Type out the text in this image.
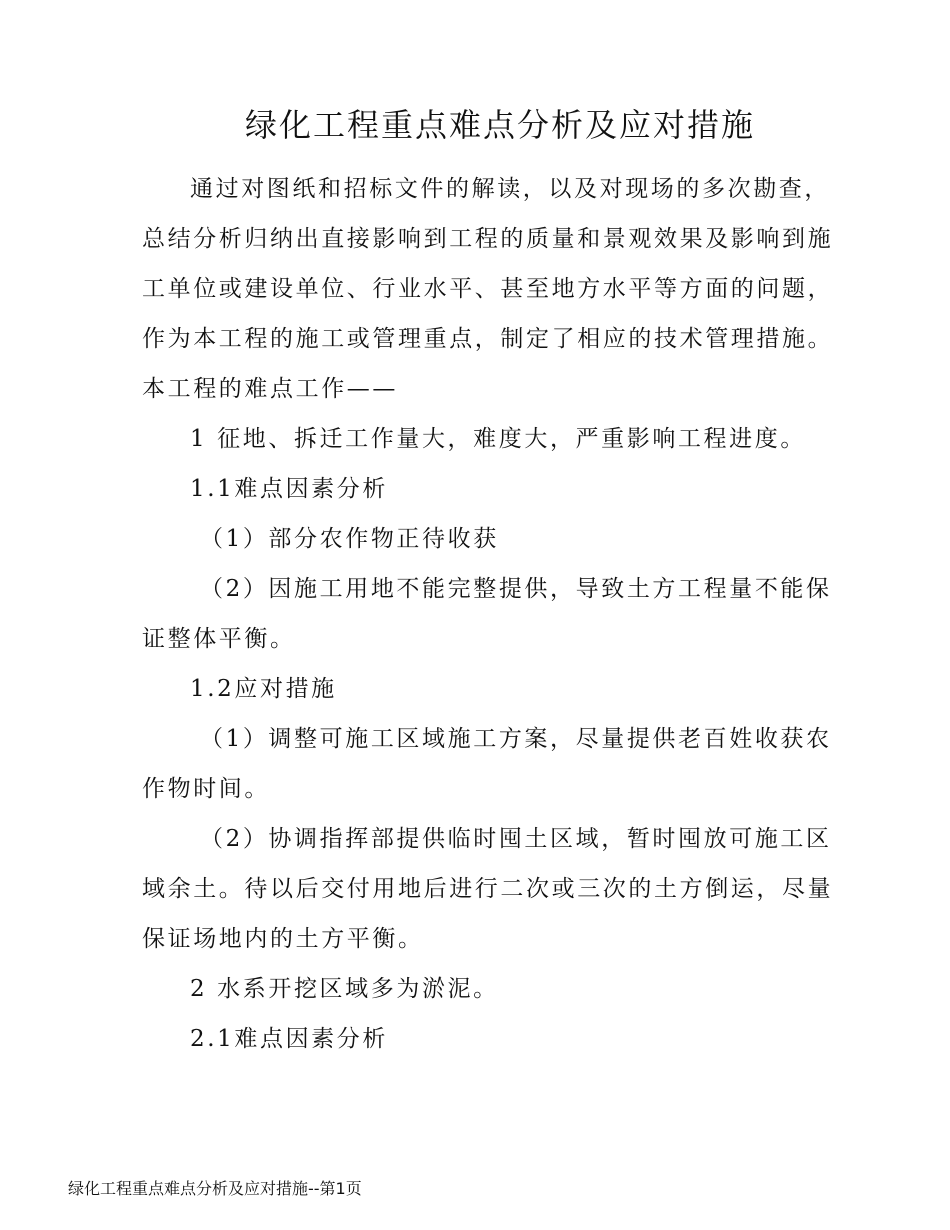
绿化工程重点难点分析及应对措施

通过对图纸和招标文件的解读，以及对现场的多次勘查，

总结分析归纳出直接影响到工程的质量和景观效果及影响到施

工单位或建设单位、行业水平、甚至地方水平等方面的问题，

作为本工程的施工或管理重点，制定了相应的技术管理措施。

本工程的难点工作——

1 征地、拆迁工作量大，难度大，严重影响工程进度。

1.1难点因素分析

（1）部分农作物正待收获

（2）因施工用地不能完整提供，导致土方工程量不能保

证整体平衡。

1.2应对措施

（1）调整可施工区域施工方案，尽量提供老百姓收获农

作物时间。

（2）协调指挥部提供临时囤土区域，暂时囤放可施工区

域余土。待以后交付用地后进行二次或三次的土方倒运，尽量

保证场地内的土方平衡。

2 水系开挖区域多为淤泥。

2.1难点因素分析

绿化工程重点难点分析及应对措施--第1页
